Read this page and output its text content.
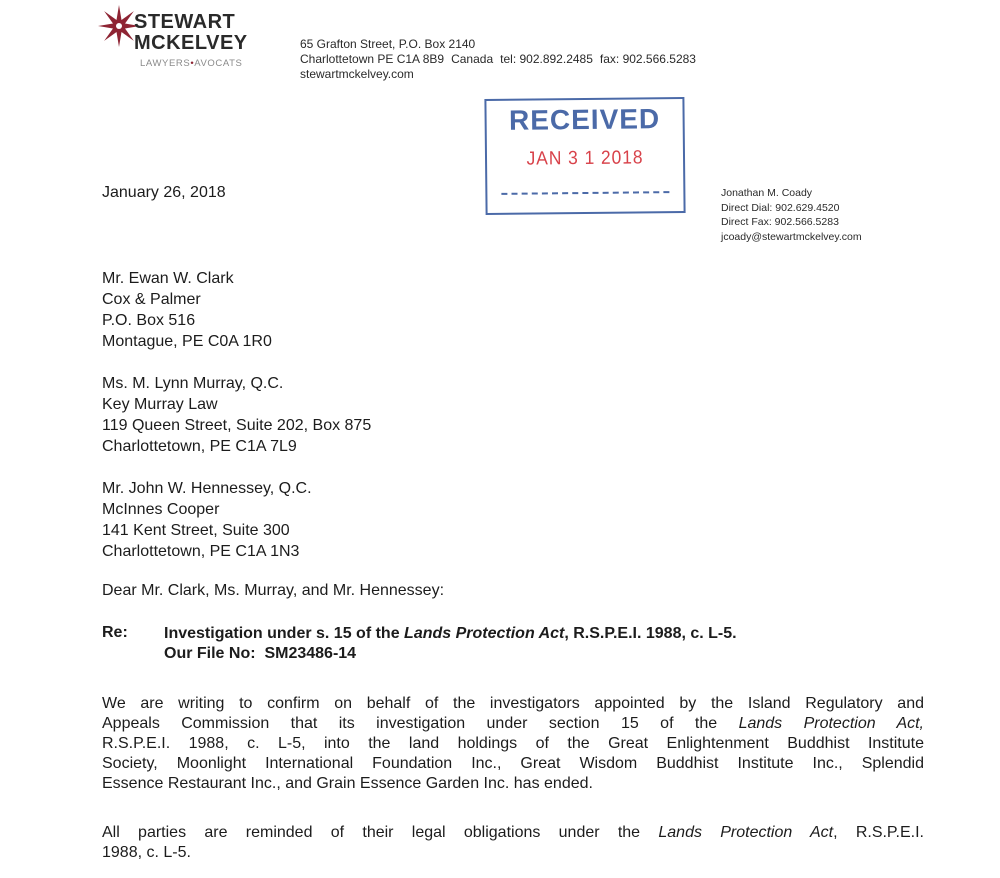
STEWART
MCKELVEY
LAWYERS•AVOCATS
65 Grafton Street, P.O. Box 2140
Charlottetown PE C1A 8B9 Canada tel: 902.892.2485 fax: 902.566.5283
stewartmckelvey.com
RECEIVED
JAN 3 1 2018
January 26, 2018	Jonathan M. Coady
Direct Dial: 902.629.4520
Direct Fax: 902.566.5283
jcoady@stewartmckelvey.com
Mr. Ewan W. Clark
Cox & Palmer
P.O. Box 516
Montague, PE C0A 1R0
Ms. M. Lynn Murray, Q.C.
Key Murray Law
119 Queen Street, Suite 202, Box 875
Charlottetown, PE C1A 7L9
Mr. John W. Hennessey, Q.C.
McInnes Cooper
141 Kent Street, Suite 300
Charlottetown, PE C1A 1N3
Dear Mr. Clark, Ms. Murray, and Mr. Hennessey:
Re: Investigation under s. 15 of the Lands Protection Act, R.S.P.E.I. 1988, c. L-5.
Our File No: SM23486-14
We are writing to confirm on behalf of the investigators appointed by the Island Regulatory and
Appeals Commission that its investigation under section 15 of the Lands Protection Act,
R.S.P.E.I. 1988, c. L-5, into the land holdings of the Great Enlightenment Buddhist Institute
Society, Moonlight International Foundation Inc., Great Wisdom Buddhist Institute Inc., Splendid
Essence Restaurant Inc., and Grain Essence Garden Inc. has ended.
All parties are reminded of their legal obligations under the Lands Protection Act, R.S.P.E.I.
1988, c. L-5.
